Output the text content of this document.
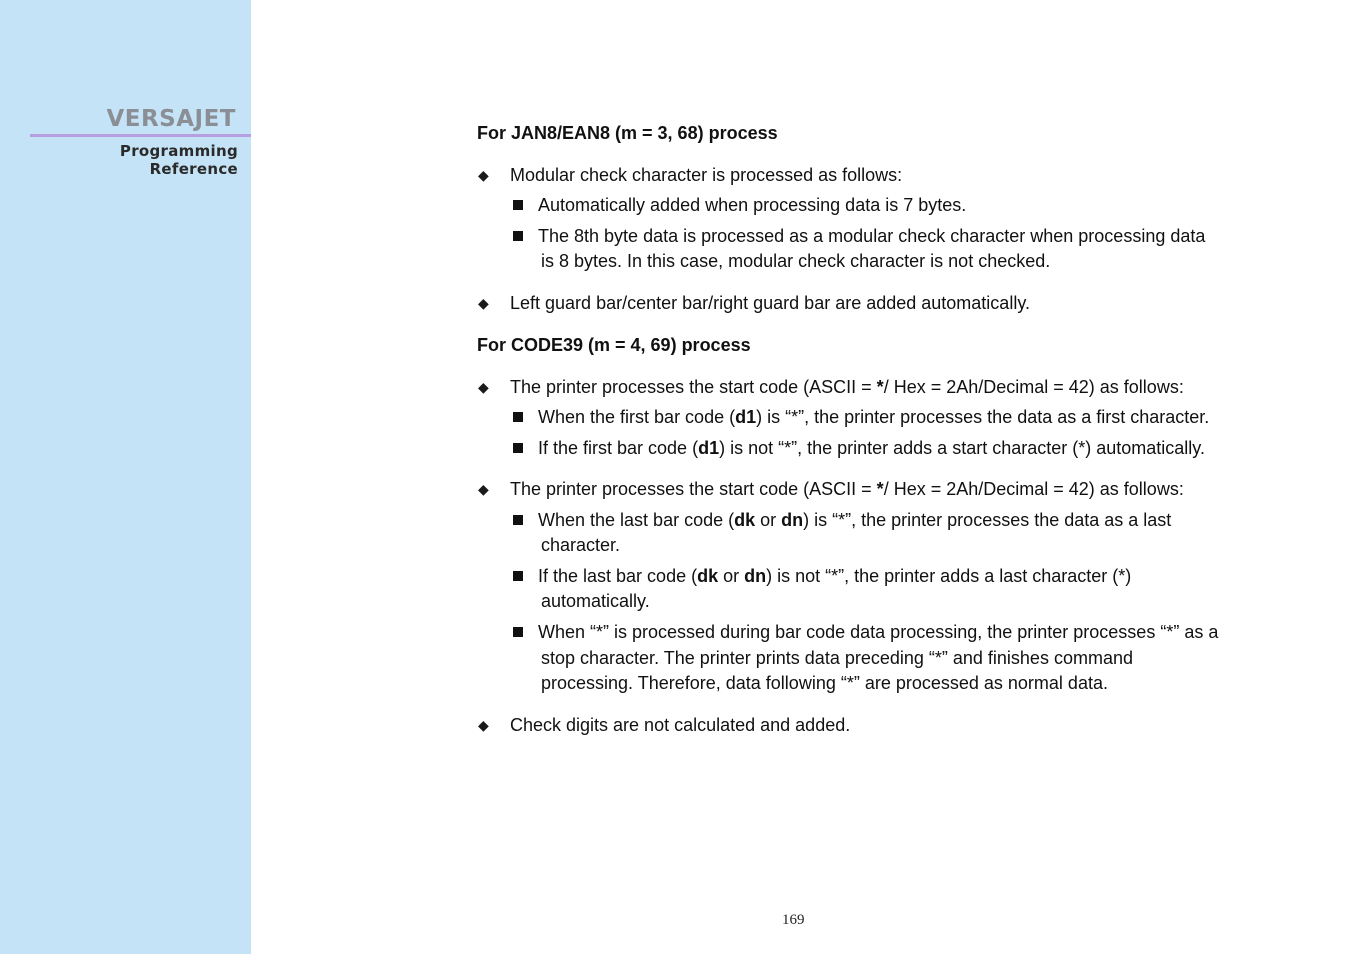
VERSAJET
Programming Reference
For JAN8/EAN8 (m = 3, 68) process
◆ Modular check character is processed as follows:
Automatically added when processing data is 7 bytes.
The 8th byte data is processed as a modular check character when processing data
is 8 bytes. In this case, modular check character is not checked.
◆ Left guard bar/center bar/right guard bar are added automatically.
For CODE39 (m = 4, 69) process
◆ The printer processes the start code (ASCII = */ Hex = 2Ah/Decimal = 42) as follows:
When the first bar code (d1) is “*”, the printer processes the data as a first character.
If the first bar code (d1) is not “*”, the printer adds a start character (*) automatically.
◆ The printer processes the start code (ASCII = */ Hex = 2Ah/Decimal = 42) as follows:
When the last bar code (dk or dn) is “*”, the printer processes the data as a last
character.
If the last bar code (dk or dn) is not “*”, the printer adds a last character (*)
automatically.
When “*” is processed during bar code data processing, the printer processes “*” as a
stop character. The printer prints data preceding “*” and finishes command
processing. Therefore, data following “*” are processed as normal data.
◆ Check digits are not calculated and added.
169
